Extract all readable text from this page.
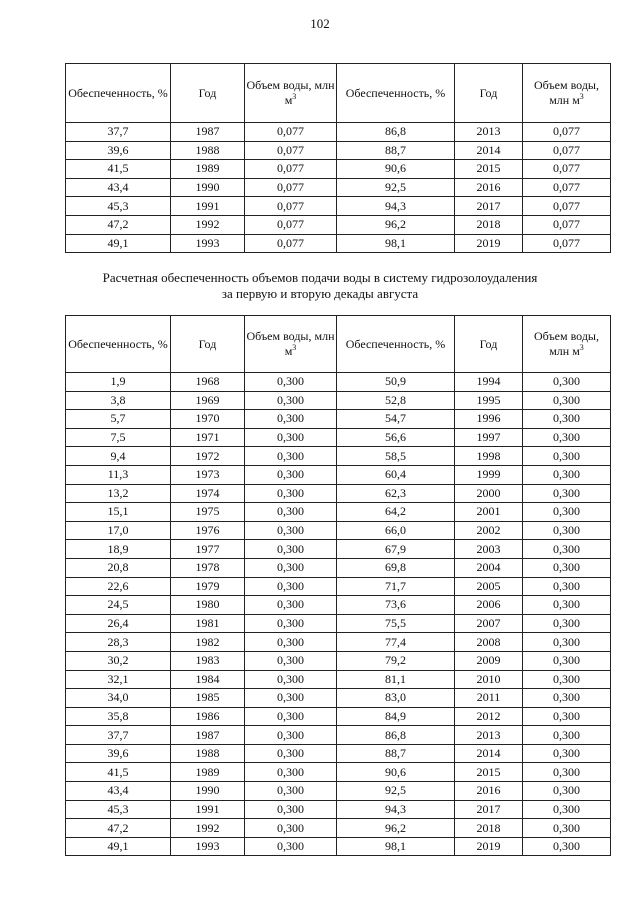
102
Обеспеченность, %	Год	Объем воды, млн $м^3$	Обеспеченность, %	Год	Объем воды, млн $м^3$
37,7	1987	0,077	86,8	2013	0,077
39,6	1988	0,077	88,7	2014	0,077
41,5	1989	0,077	90,6	2015	0,077
43,4	1990	0,077	92,5	2016	0,077
45,3	1991	0,077	94,3	2017	0,077
47,2	1992	0,077	96,2	2018	0,077
49,1	1993	0,077	98,1	2019	0,077
Расчетная обеспеченность объемов подачи воды в систему гидрозолоудаления
за первую и вторую декады августа
Обеспеченность, %	Год	Объем воды, млн $м^3$	Обеспеченность, %	Год	Объем воды, млн $м^3$
1,9	1968	0,300	50,9	1994	0,300
3,8	1969	0,300	52,8	1995	0,300
5,7	1970	0,300	54,7	1996	0,300
7,5	1971	0,300	56,6	1997	0,300
9,4	1972	0,300	58,5	1998	0,300
11,3	1973	0,300	60,4	1999	0,300
13,2	1974	0,300	62,3	2000	0,300
15,1	1975	0,300	64,2	2001	0,300
17,0	1976	0,300	66,0	2002	0,300
18,9	1977	0,300	67,9	2003	0,300
20,8	1978	0,300	69,8	2004	0,300
22,6	1979	0,300	71,7	2005	0,300
24,5	1980	0,300	73,6	2006	0,300
26,4	1981	0,300	75,5	2007	0,300
28,3	1982	0,300	77,4	2008	0,300
30,2	1983	0,300	79,2	2009	0,300
32,1	1984	0,300	81,1	2010	0,300
34,0	1985	0,300	83,0	2011	0,300
35,8	1986	0,300	84,9	2012	0,300
37,7	1987	0,300	86,8	2013	0,300
39,6	1988	0,300	88,7	2014	0,300
41,5	1989	0,300	90,6	2015	0,300
43,4	1990	0,300	92,5	2016	0,300
45,3	1991	0,300	94,3	2017	0,300
47,2	1992	0,300	96,2	2018	0,300
49,1	1993	0,300	98,1	2019	0,300
